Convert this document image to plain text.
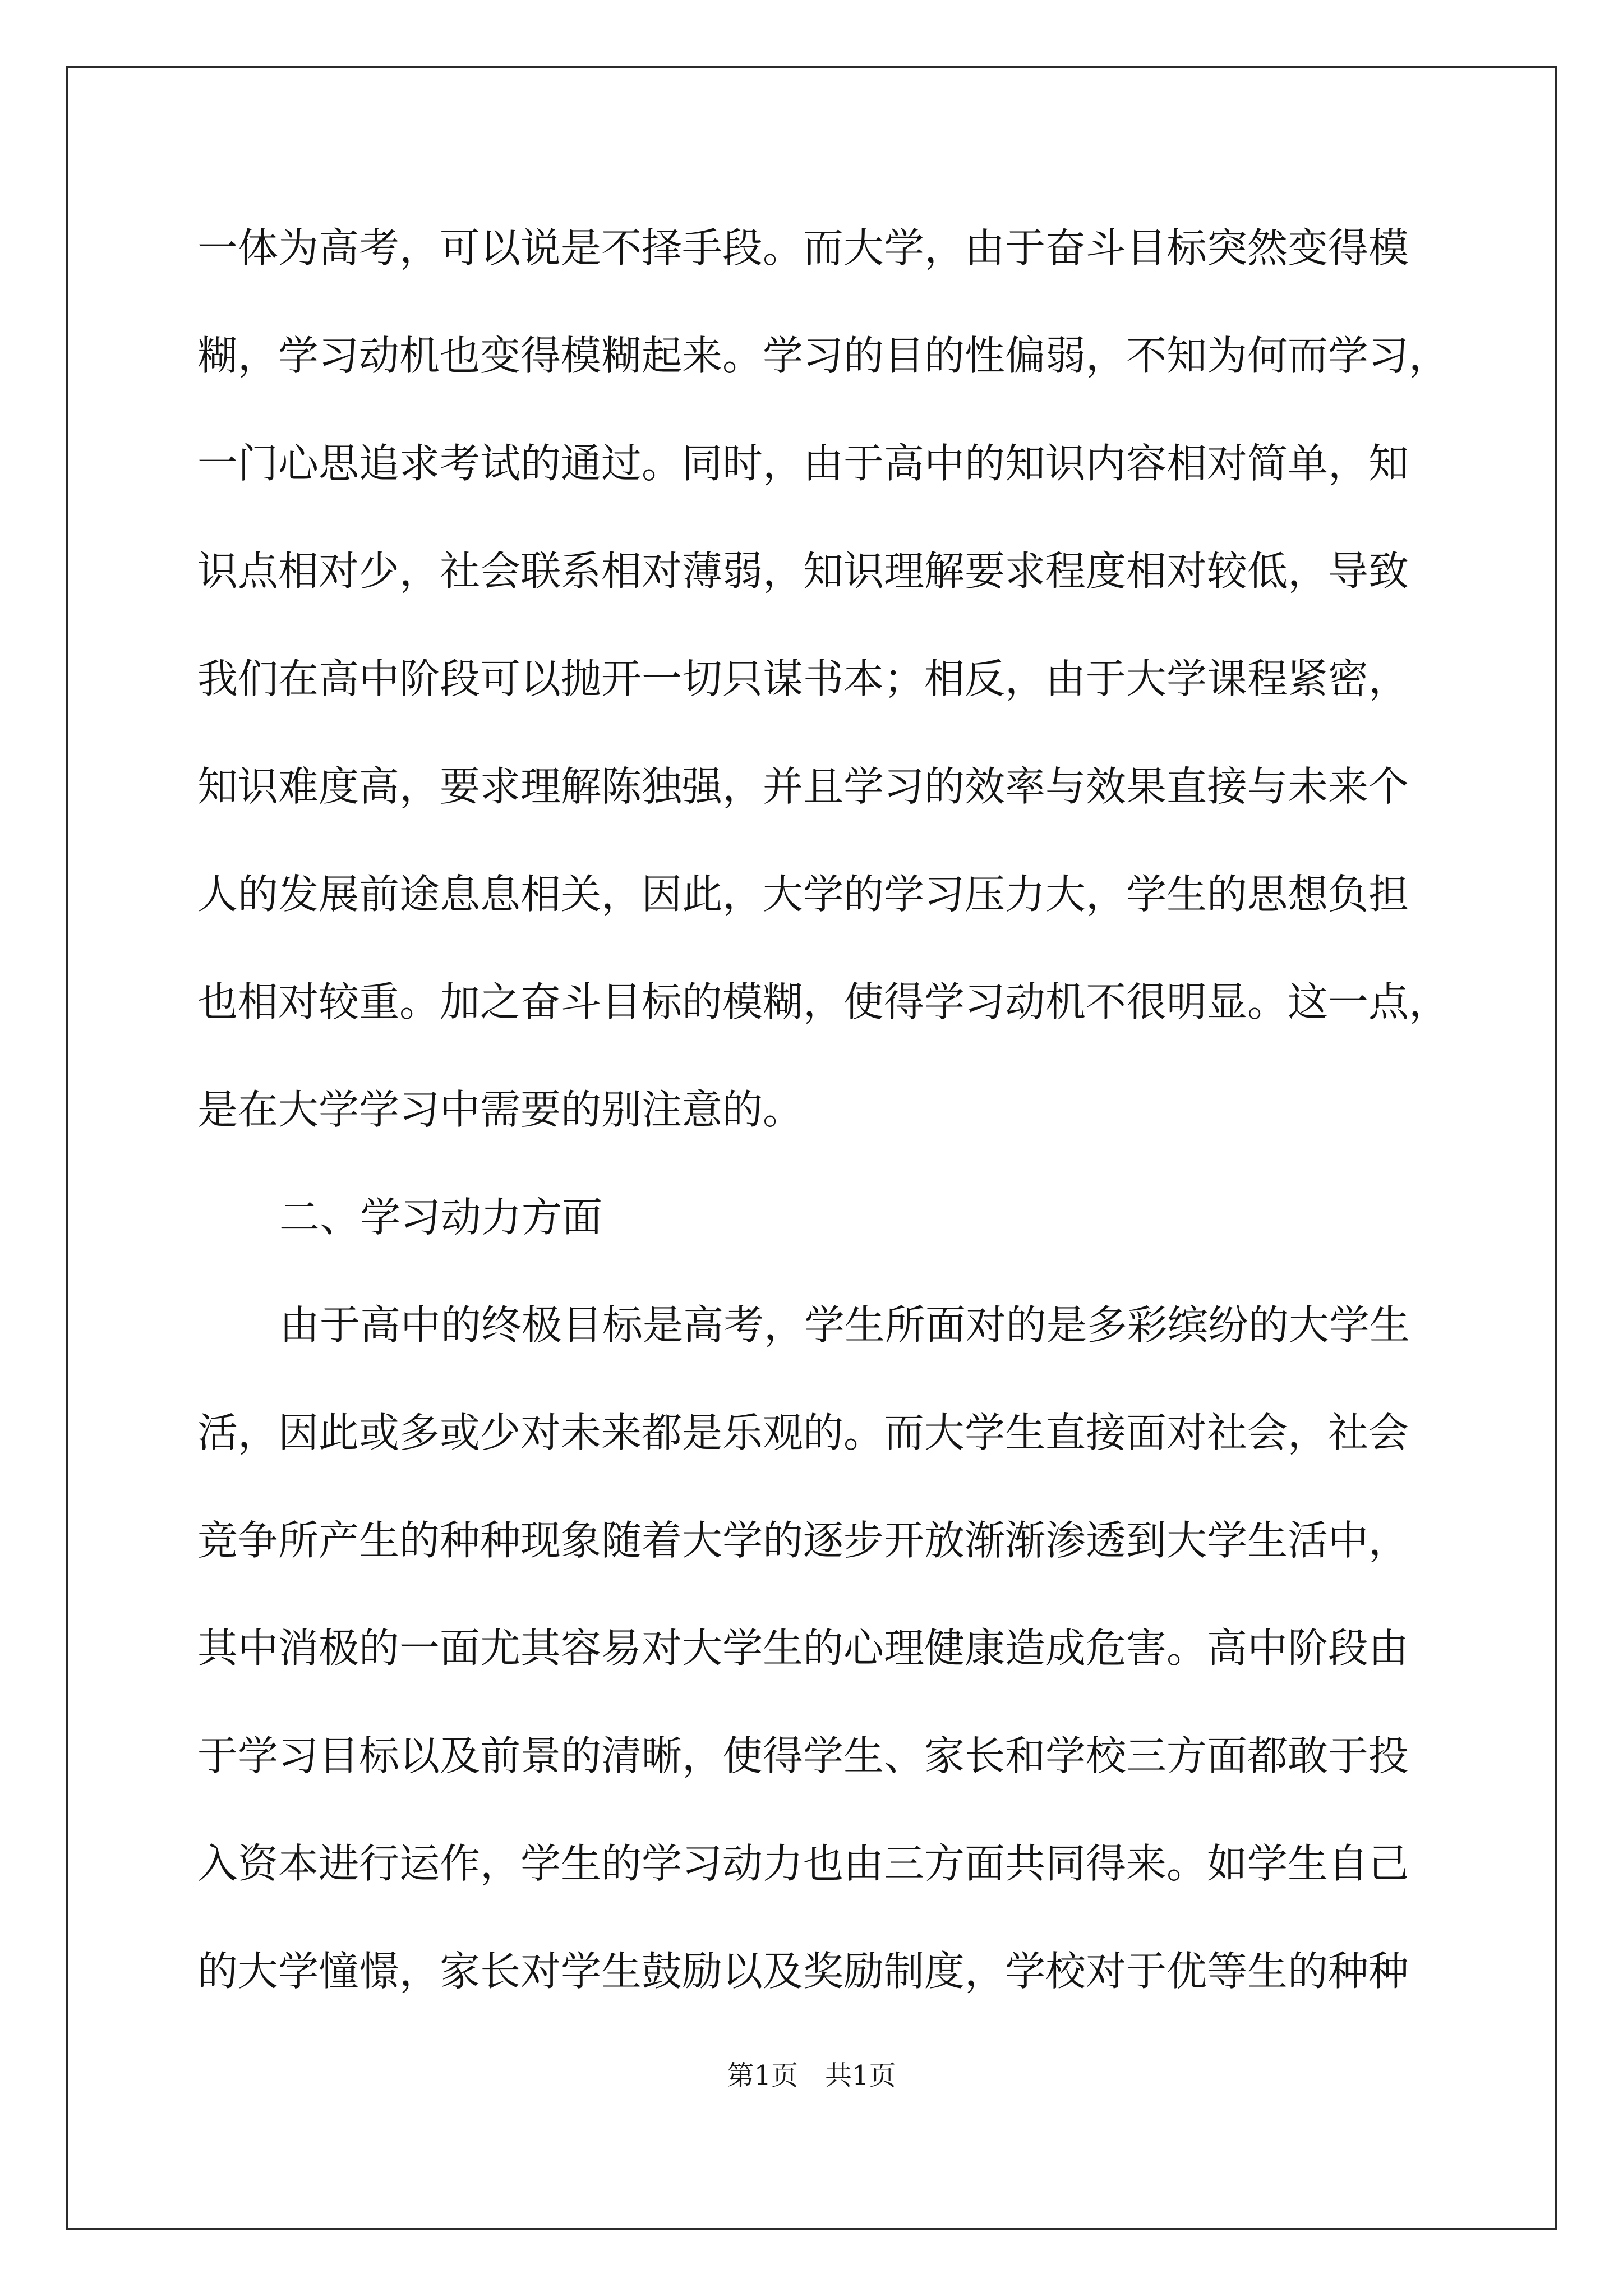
一体为高考，可以说是不择手段。而大学，由于奋斗目标突然变得模
糊，学习动机也变得模糊起来。学习的目的性偏弱，不知为何而学习，
一门心思追求考试的通过。同时，由于高中的知识内容相对简单，知
识点相对少，社会联系相对薄弱，知识理解要求程度相对较低，导致
我们在高中阶段可以抛开一切只谋书本；相反，由于大学课程紧密，
知识难度高，要求理解陈独强，并且学习的效率与效果直接与未来个
人的发展前途息息相关，因此，大学的学习压力大，学生的思想负担
也相对较重。加之奋斗目标的模糊，使得学习动机不很明显。这一点，
是在大学学习中需要的别注意的。
二、学习动力方面
由于高中的终极目标是高考，学生所面对的是多彩缤纷的大学生
活，因此或多或少对未来都是乐观的。而大学生直接面对社会，社会
竞争所产生的种种现象随着大学的逐步开放渐渐渗透到大学生活中，
其中消极的一面尤其容易对大学生的心理健康造成危害。高中阶段由
于学习目标以及前景的清晰，使得学生、家长和学校三方面都敢于投
入资本进行运作，学生的学习动力也由三方面共同得来。如学生自己
的大学憧憬，家长对学生鼓励以及奖励制度，学校对于优等生的种种
第1页　共1页
